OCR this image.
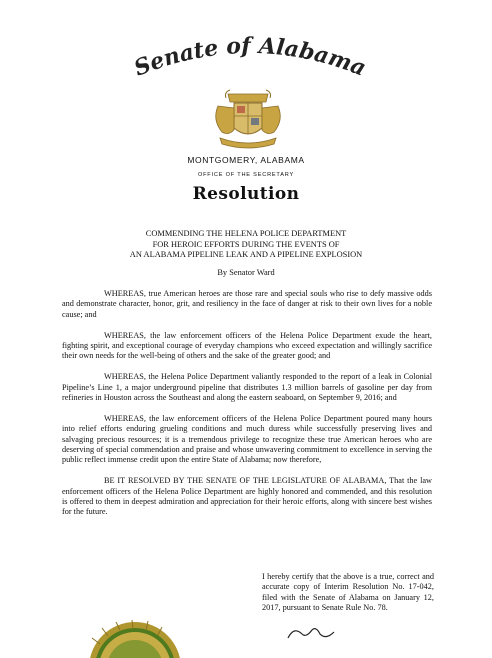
Senate of Alabama
MONTGOMERY, ALABAMA
OFFICE OF THE SECRETARY
Resolution
COMMENDING THE HELENA POLICE DEPARTMENT
FOR HEROIC EFFORTS DURING THE EVENTS OF
AN ALABAMA PIPELINE LEAK AND A PIPELINE EXPLOSION
By Senator Ward

WHEREAS, true American heroes are those rare and special souls who rise to defy massive odds and demonstrate character, honor, grit, and resiliency in the face of danger at risk to their own lives for a noble cause; and

WHEREAS, the law enforcement officers of the Helena Police Department exude the heart, fighting spirit, and exceptional courage of everyday champions who exceed expectation and willingly sacrifice their own needs for the well-being of others and the sake of the greater good; and

WHEREAS, the Helena Police Department valiantly responded to the report of a leak in Colonial Pipeline’s Line 1, a major underground pipeline that distributes 1.3 million barrels of gasoline per day from refineries in Houston across the Southeast and along the eastern seaboard, on September 9, 2016; and

WHEREAS, the law enforcement officers of the Helena Police Department poured many hours into relief efforts enduring grueling conditions and much duress while successfully preserving lives and salvaging precious resources; it is a tremendous privilege to recognize these true American heroes who are deserving of special commendation and praise and whose unwavering commitment to excellence in serving the public reflect immense credit upon the entire State of Alabama; now therefore,

BE IT RESOLVED BY THE SENATE OF THE LEGISLATURE OF ALABAMA, That the law enforcement officers of the Helena Police Department are highly honored and commended, and this resolution is offered to them in deepest admiration and appreciation for their heroic efforts, along with sincere best wishes for the future.

I hereby certify that the above is a true, correct and accurate copy of Interim Resolution No. 17-042, filed with the Senate of Alabama on January 12, 2017, pursuant to Senate Rule No. 78.
